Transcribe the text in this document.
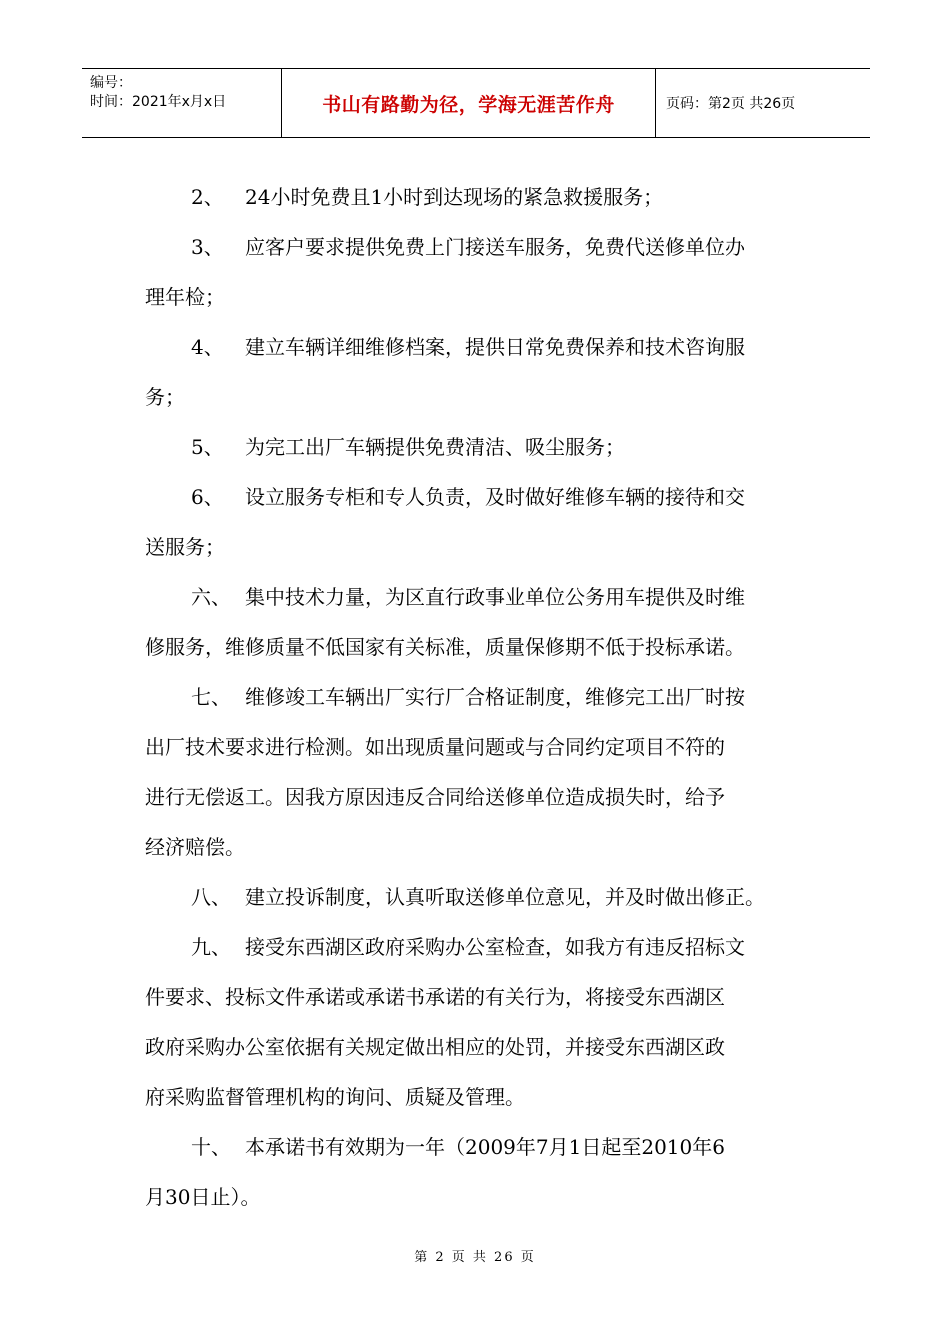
编号：
时间：2021年x月x日	书山有路勤为径，学海无涯苦作舟	页码：第2页 共26页
2、 24小时免费且1小时到达现场的紧急救援服务；
3、 应客户要求提供免费上门接送车服务，免费代送修单位办
理年检；
4、 建立车辆详细维修档案，提供日常免费保养和技术咨询服
务；
5、 为完工出厂车辆提供免费清洁、吸尘服务；
6、 设立服务专柜和专人负责，及时做好维修车辆的接待和交
送服务；
六、 集中技术力量，为区直行政事业单位公务用车提供及时维
修服务，维修质量不低国家有关标准，质量保修期不低于投标承诺。
七、 维修竣工车辆出厂实行厂合格证制度，维修完工出厂时按
出厂技术要求进行检测。如出现质量问题或与合同约定项目不符的
进行无偿返工。因我方原因违反合同给送修单位造成损失时，给予
经济赔偿。
八、 建立投诉制度，认真听取送修单位意见，并及时做出修正。
九、 接受东西湖区政府采购办公室检查，如我方有违反招标文
件要求、投标文件承诺或承诺书承诺的有关行为，将接受东西湖区
政府采购办公室依据有关规定做出相应的处罚，并接受东西湖区政
府采购监督管理机构的询问、质疑及管理。
十、 本承诺书有效期为一年（2009年7月1日起至2010年6
月30日止）。
第 2 页 共 26 页
